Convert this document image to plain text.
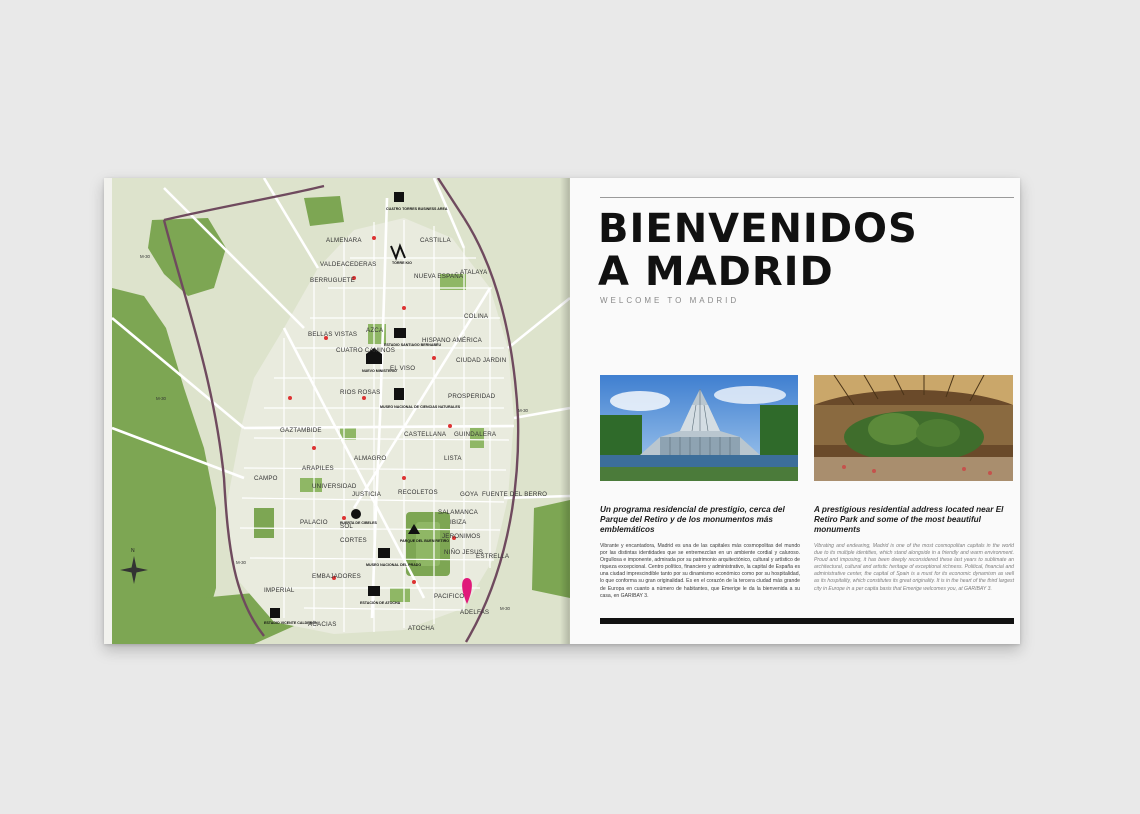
N
M-30
M-30
M-30
M-30
M-30
ALMENARA	CASTILLA
VALDEACEDERAS
BERRUGUETE
NUEVA ESPAÑA
ATALAYA
COLINA
BELLAS VISTAS
AZCA
CUATRO CAMINOS
HISPANO AMÉRICA
CIUDAD JARDIN
EL VISO
RIOS ROSAS
PROSPERIDAD
GAZTAMBIDE
CASTELLANA GUINDALERA
ARAPILES
LISTA
ALMAGRO
UNIVERSIDAD
JUSTICIA	RECOLETOS	GOYA FUENTE DEL BERRO
CAMPO
PALACIO
SOL
IBIZA
CORTES
NIÑO JESUS
ESTRELLA
EMBAJADORES
IMPERIAL
PACIFICO
ADELFAS
ACACIAS
ATOCHA
SALAMANCA
JERONIMOS
CUATRO TORRES BUSINESS AREA
TORRE KIO
ESTADIO SANTIAGO BERNABÉU
NUEVO MINISTERIO
MUSEO NACIONAL DE CIENCIAS NATURALES
PUERTA DE CIBELES
PARQUE DEL BUEN RETIRO
MUSEO NACIONAL DEL PRADO
ESTACIÓN DE ATOCHA
ESTADIO VICENTE CALDERÓN
BIENVENIDOS
A MADRID
WELCOME TO MADRID
Un programa residencial de prestigio, cerca del Parque del Retiro y de los monumentos más emblemáticos

Vibrante y encantadora, Madrid es una de las capitales más cosmopolitas del mundo por las distintas identidades que se entremezclan en un ambiente cordial y caluroso. Orgullosa e imponente, admirada por su patrimonio arquitectónico, cultural y artístico de riqueza excepcional. Centro político, financiero y administrativo, la capital de España es una ciudad imprescindible tanto por su dinamismo económico como por su hospitalidad, lo que conforma su gran originalidad. Es en el corazón de la tercera ciudad más grande de Europa en cuanto a número de habitantes, que Emerige le da la bienvenida a su casa, en GARIBAY 3.

A prestigious residential address located near El Retiro Park and some of the most beautiful monuments

Vibrating and endearing, Madrid is one of the most cosmopolitan capitals in the world due to its multiple identities, which stand alongside in a friendly and warm environment. Proud and imposing, it has been deeply reconsidered these last years to sublimate an architectural, cultural and artistic heritage of exceptional richness. Political, financial and administrative center, the capital of Spain is a must for its economic dynamism as well as its hospitality, which constitutes its great originality. It is in the heart of the third largest city in Europe in a per capita basis that Emerige welcomes you, at GARIBAY 3.
